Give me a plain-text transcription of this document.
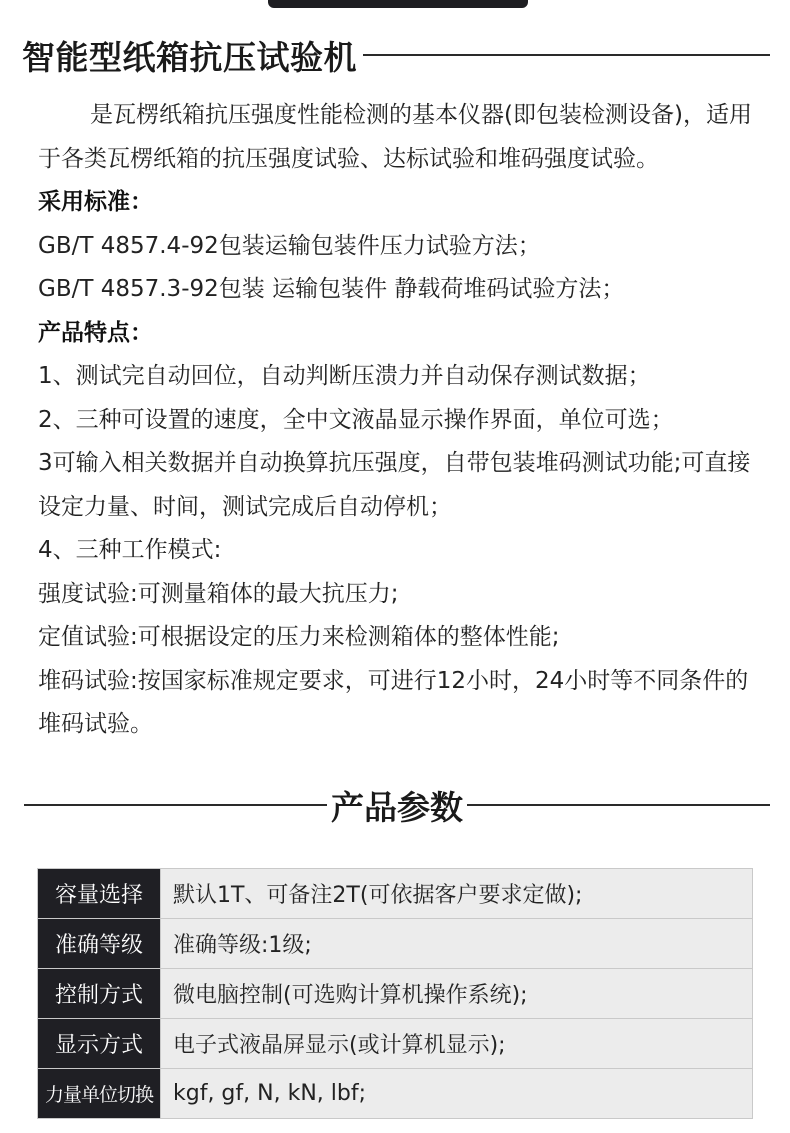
智能型纸箱抗压试验机

是瓦楞纸箱抗压强度性能检测的基本仪器(即包装检测设备)，适用于各类瓦楞纸箱的抗压强度试验、达标试验和堆码强度试验。

采用标准：

GB/T 4857.4-92包装运输包装件压力试验方法；

GB/T 4857.3-92包装 运输包装件 静载荷堆码试验方法；

产品特点：

1、测试完自动回位，自动判断压溃力并自动保存测试数据；

2、三种可设置的速度，全中文液晶显示操作界面，单位可选；

3可输入相关数据并自动换算抗压强度，自带包装堆码测试功能;可直接设定力量、时间，测试完成后自动停机；

4、三种工作模式:

强度试验:可测量箱体的最大抗压力;

定值试验:可根据设定的压力来检测箱体的整体性能;

堆码试验:按国家标准规定要求，可进行12小时，24小时等不同条件的堆码试验。

产品参数
容量选择	默认1T、可备注2T(可依据客户要求定做);
准确等级	准确等级:1级;
控制方式	微电脑控制(可选购计算机操作系统);
显示方式	电子式液晶屏显示(或计算机显示);
力量单位切换	kgf, gf, N, kN, lbf;
